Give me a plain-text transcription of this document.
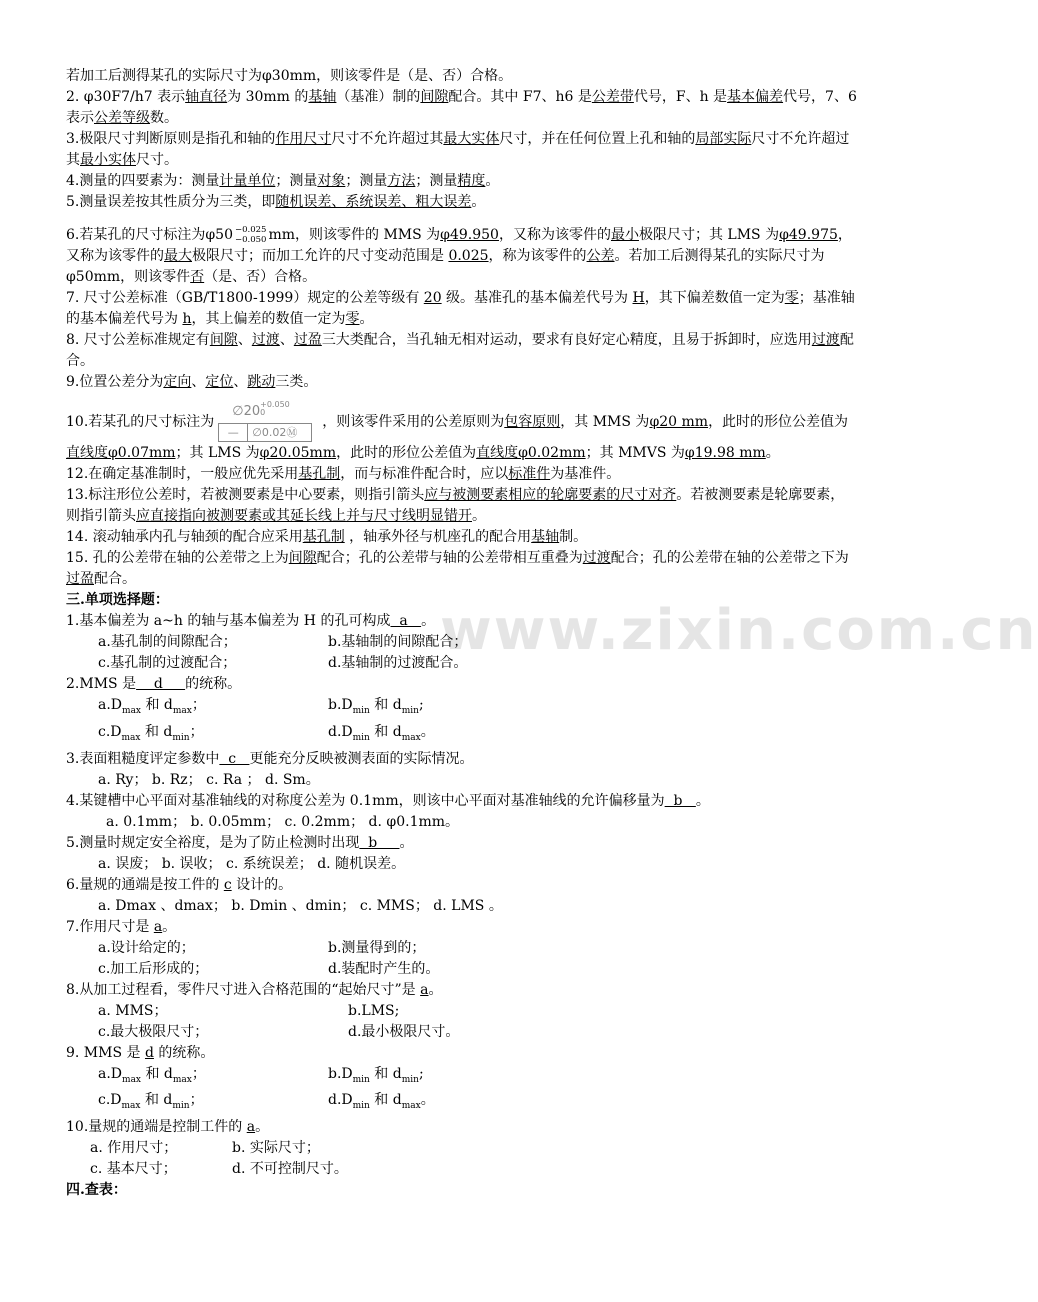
www.zixin.com.cn

若加工后测得某孔的实际尺寸为φ30mm，则该零件是（是、否）合格。

2. φ30F7/h7 表示轴直径为 30mm 的基轴（基准）制的间隙配合。其中 F7、h6 是公差带代号，F、h 是基本偏差代号，7、6 表示公差等级数。

3.极限尺寸判断原则是指孔和轴的作用尺寸尺寸不允许超过其最大实体尺寸，并在任何位置上孔和轴的局部实际尺寸不允许超过其最小实体尺寸。

4.测量的四要素为：测量计量单位；测量对象；测量方法；测量精度。

5.测量误差按其性质分为三类，即随机误差、系统误差、粗大误差。

6.若某孔的尺寸标注为φ50 −0.025
−0.050 mm，则该零件的 MMS 为φ49.950，又称为该零件的最小极限尺寸；其 LMS 为φ49.975，又称为该零件的最大极限尺寸；而加工允许的尺寸变动范围是 0.025，称为该零件的公差。若加工后测得某孔的实际尺寸为φ50mm，则该零件否（是、否）合格。

7. 尺寸公差标准（GB/T1800-1999）规定的公差等级有 20 级。基准孔的基本偏差代号为 H，其下偏差数值一定为零；基准轴的基本偏差代号为 h，其上偏差的数值一定为零。

8. 尺寸公差标准规定有间隙、过渡、过盈三大类配合，当孔轴无相对运动，要求有良好定心精度，且易于拆卸时，应选用过渡配合。

9.位置公差分为定向、定位、跳动三类。

10.若某孔的尺寸标注为
∅20 $^{+0.050 0}$
—	∅0.02Ⓜ
，则该零件采用的公差原则为包容原则，其 MMS 为φ20 mm，此时的形位公差值为直线度φ0.07mm；其 LMS 为φ20.05mm，此时的形位公差值为直线度φ0.02mm；其 MMVS 为φ19.98 mm。

12.在确定基准制时，一般应优先采用基孔制，而与标准件配合时，应以标准件为基准件。

13.标注形位公差时，若被测要素是中心要素，则指引箭头应与被测要素相应的轮廓要素的尺寸对齐。若被测要素是轮廓要素，则指引箭头应直接指向被测要素或其延长线上并与尺寸线明显错开。

14. 滚动轴承内孔与轴颈的配合应采用基孔制 ，轴承外径与机座孔的配合用基轴制。

15. 孔的公差带在轴的公差带之上为间隙配合；孔的公差带与轴的公差带相互重叠为过渡配合；孔的公差带在轴的公差带之下为过盈配合。

三.单项选择题：

1.基本偏差为 a~h 的轴与基本偏差为 H 的孔可构成  a   。

a.基孔制的间隙配合；	b.基轴制的间隙配合；
c.基孔制的过渡配合；	d.基轴制的过渡配合。

2.MMS 是    d     的统称。

$a.D_{max}$ 和 $d_{max}$；	$b.D_{min}$ 和 $d_{min}$;
$c.D_{max}$ 和 $d_{min}$；	$d.D_{min}$ 和 $d_{max}$。

3.表面粗糙度评定参数中  c   更能充分反映被测表面的实际情况。

a. Ry； b. Rz； c. Ra ； d. Sm。

4.某键槽中心平面对基准轴线的对称度公差为 0.1mm，则该中心平面对基准轴线的允许偏移量为  b   。

a. 0.1mm； b. 0.05mm； c. 0.2mm； d. φ0.1mm。

5.测量时规定安全裕度，是为了防止检测时出现  b     。

a. 误废； b. 误收； c. 系统误差； d. 随机误差。

6.量规的通端是按工件的 c 设计的。

a. Dmax 、dmax； b. Dmin 、dmin； c. MMS； d. LMS 。

7.作用尺寸是 a。

a.设计给定的；	b.测量得到的；
c.加工后形成的；	d.装配时产生的。

8.从加工过程看，零件尺寸进入合格范围的“起始尺寸”是 a。

a. MMS；	b.LMS;
c.最大极限尺寸；	d.最小极限尺寸。

9. MMS 是 d 的统称。

$a.D_{max}$ 和 $d_{max}$；	$b.D_{min}$ 和 $d_{min}$;
$c.D_{max}$ 和 $d_{min}$；	$d.D_{min}$ 和 $d_{max}$。

10.量规的通端是控制工件的 a。

a. 作用尺寸；	b. 实际尺寸；
c. 基本尺寸；	d. 不可控制尺寸。

四.查表：
